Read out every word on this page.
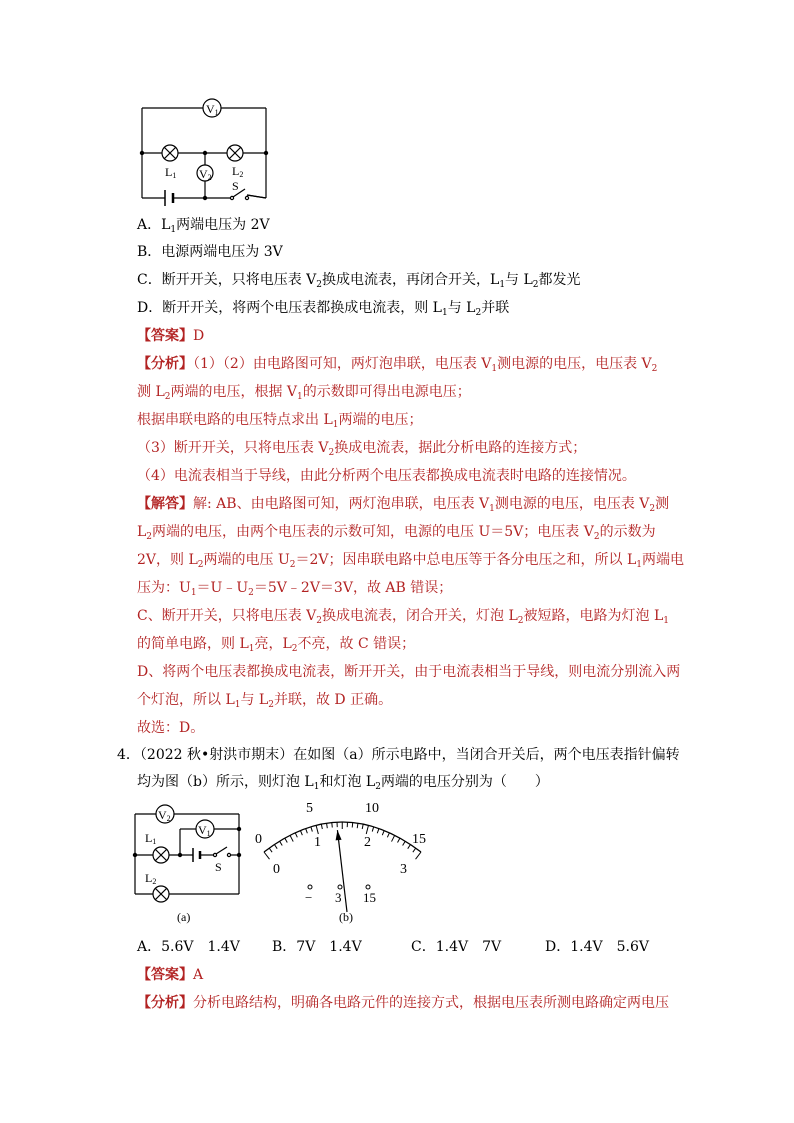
V1
V2
L1	L2
S
A．$L_1$两端电压为 2V
B．电源两端电压为 3V
C．断开开关，只将电压表 $V_2$换成电流表，再闭合开关，$L_1$与 $L_2$都发光
D．断开开关，将两个电压表都换成电流表，则 $L_1$与 $L_2$并联
【答案】D
【分析】（1）（2）由电路图可知，两灯泡串联，电压表 $V_1$测电源的电压，电压表 $V_2$
测 $L_2$两端的电压，根据 $V_1$的示数即可得出电源电压；
根据串联电路的电压特点求出 $L_1$两端的电压；
（3）断开开关，只将电压表 $V_2$换成电流表，据此分析电路的连接方式；
（4）电流表相当于导线，由此分析两个电压表都换成电流表时电路的连接情况。
【解答】解: AB、由电路图可知，两灯泡串联，电压表 $V_1$测电源的电压，电压表 $V_2$测
$L_2$两端的电压，由两个电压表的示数可知，电源的电压 U＝5V；电压表 $V_2$的示数为
2V，则 $L_2$两端的电压 $U_2=2V$；因串联电路中总电压等于各分电压之和，所以 $L_1$两端电
压为：$U_1=U﹣U_2=5V﹣2V=3V$，故 AB 错误；
C、断开开关，只将电压表 $V_2$换成电流表，闭合开关，灯泡 $L_2$被短路，电路为灯泡 $L_1$
的简单电路，则 $L_1$亮，$L_2$不亮，故 C 错误；
D、将两个电压表都换成电流表，断开开关，由于电流表相当于导线，则电流分别流入两
个灯泡，所以 $L_1$与 $L_2$并联，故 D 正确。
故选：D。
4．（2022 秋•射洪市期末）在如图（a）所示电路中，当闭合开关后，两个电压表指针偏转
均为图（b）所示，则灯泡 $L_1$和灯泡 $L_2$两端的电压分别为（　　）
V2
V1
L1
L2
S
(a)
5	10
0	15
1	2
0	3
− 3 15
(b)
A．5.6V　1.4V B．7V　1.4V	C．1.4V　7V	D．1.4V　5.6V
【答案】A
【分析】分析电路结构，明确各电路元件的连接方式，根据电压表所测电路确定两电压
